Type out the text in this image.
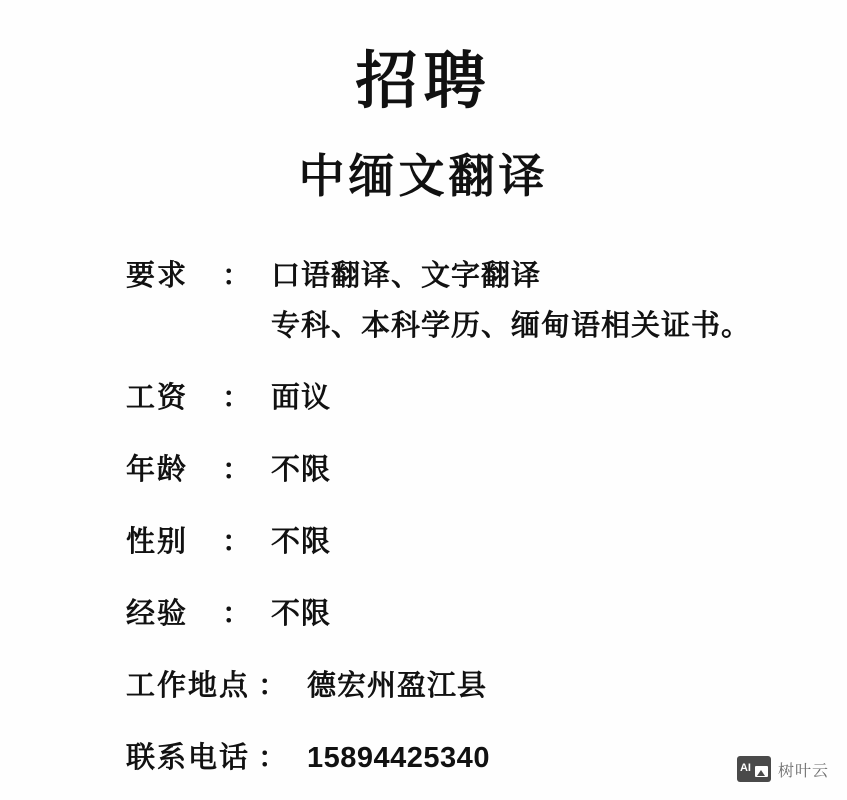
招聘
中缅文翻译
要求	： 口语翻译、文字翻译
专科、本科学历、缅甸语相关证书。
工资	： 面议
年龄	： 不限
性别	： 不限
经验	： 不限
工作地点 ： 德宏州盈江县
联系电话 ： 15894425340	AI 树叶云
